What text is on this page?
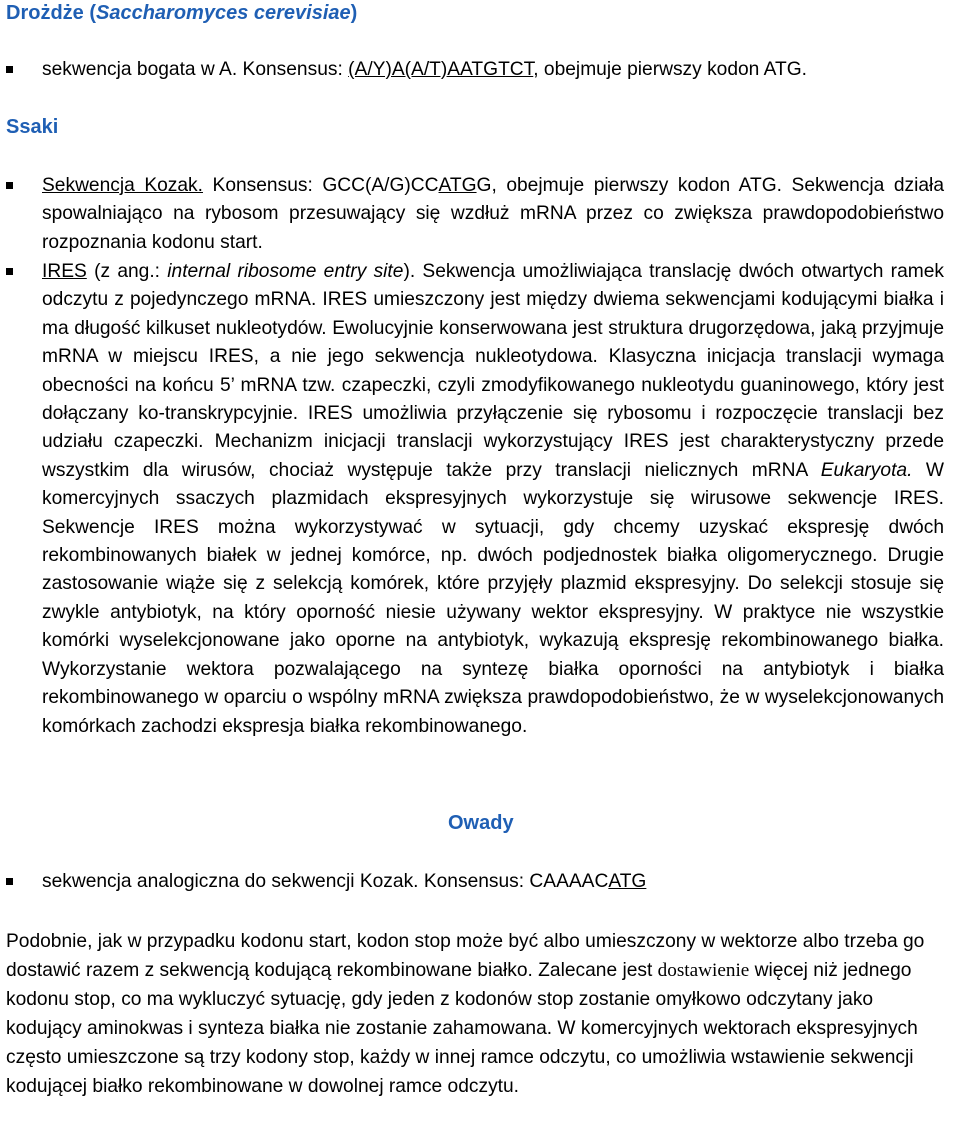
Drożdże (Saccharomyces cerevisiae)
sekwencja bogata w A. Konsensus: (A/Y)A(A/T)AATGTCT, obejmuje pierwszy kodon ATG.
Ssaki
Sekwencja Kozak. Konsensus: GCC(A/G)CCATGG, obejmuje pierwszy kodon ATG. Sekwencja działa spowalniająco na rybosom przesuwający się wzdłuż mRNA przez co zwiększa prawdopodobieństwo rozpoznania kodonu start.
IRES (z ang.: internal ribosome entry site). Sekwencja umożliwiająca translację dwóch otwartych ramek odczytu z pojedynczego mRNA. IRES umieszczony jest między dwiema sekwencjami kodującymi białka i ma długość kilkuset nukleotydów. Ewolucyjnie konserwowana jest struktura drugorzędowa, jaką przyjmuje mRNA w miejscu IRES, a nie jego sekwencja nukleotydowa. Klasyczna inicjacja translacji wymaga obecności na końcu 5’ mRNA tzw. czapeczki, czyli zmodyfikowanego nukleotydu guaninowego, który jest dołączany ko-transkrypcyjnie. IRES umożliwia przyłączenie się rybosomu i rozpoczęcie translacji bez udziału czapeczki. Mechanizm inicjacji translacji wykorzystujący IRES jest charakterystyczny przede wszystkim dla wirusów, chociaż występuje także przy translacji nielicznych mRNA Eukaryota. W komercyjnych ssaczych plazmidach ekspresyjnych wykorzystuje się wirusowe sekwencje IRES. Sekwencje IRES można wykorzystywać w sytuacji, gdy chcemy uzyskać ekspresję dwóch rekombinowanych białek w jednej komórce, np. dwóch podjednostek białka oligomerycznego. Drugie zastosowanie wiąże się z selekcją komórek, które przyjęły plazmid ekspresyjny. Do selekcji stosuje się zwykle antybiotyk, na który oporność niesie używany wektor ekspresyjny. W praktyce nie wszystkie komórki wyselekcjonowane jako oporne na antybiotyk, wykazują ekspresję rekombinowanego białka. Wykorzystanie wektora pozwalającego na syntezę białka oporności na antybiotyk i białka rekombinowanego w oparciu o wspólny mRNA zwiększa prawdopodobieństwo, że w wyselekcjonowanych komórkach zachodzi ekspresja białka rekombinowanego.
Owady
sekwencja analogiczna do sekwencji Kozak. Konsensus: CAAAACATG

Podobnie, jak w przypadku kodonu start, kodon stop może być albo umieszczony w wektorze albo trzeba go dostawić razem z sekwencją kodującą rekombinowane białko. Zalecane jest dostawienie więcej niż jednego kodonu stop, co ma wykluczyć sytuację, gdy jeden z kodonów stop zostanie omyłkowo odczytany jako kodujący aminokwas i synteza białka nie zostanie zahamowana. W komercyjnych wektorach ekspresyjnych często umieszczone są trzy kodony stop, każdy w innej ramce odczytu, co umożliwia wstawienie sekwencji kodującej białko rekombinowane w dowolnej ramce odczytu.
